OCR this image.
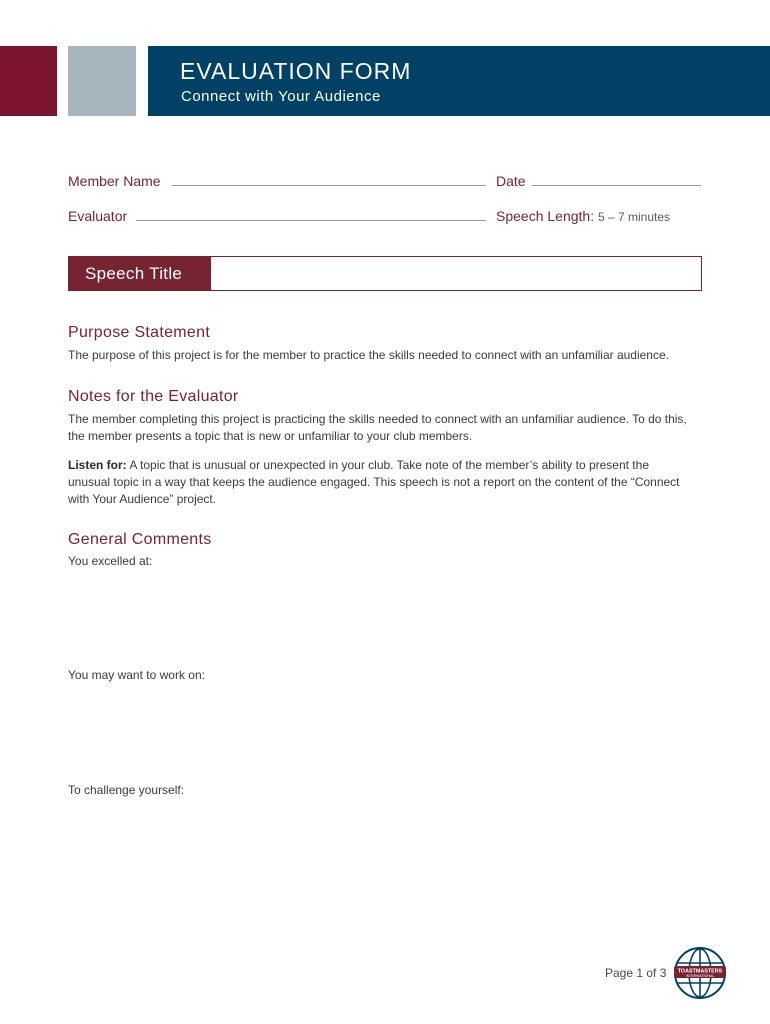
EVALUATION FORM
Connect with Your Audience
Member Name	Date
Evaluator	Speech Length: 5 – 7 minutes
Speech Title
Purpose Statement
The purpose of this project is for the member to practice the skills needed to connect with an unfamiliar audience.
Notes for the Evaluator
The member completing this project is practicing the skills needed to connect with an unfamiliar audience. To do this, the member presents a topic that is new or unfamiliar to your club members.
Listen for: A topic that is unusual or unexpected in your club. Take note of the member’s ability to present the unusual topic in a way that keeps the audience engaged. This speech is not a report on the content of the “Connect with Your Audience” project.
General Comments
You excelled at:
You may want to work on:
To challenge yourself:
Page 1 of 3 TOASTMASTERS
INTERNATIONAL
